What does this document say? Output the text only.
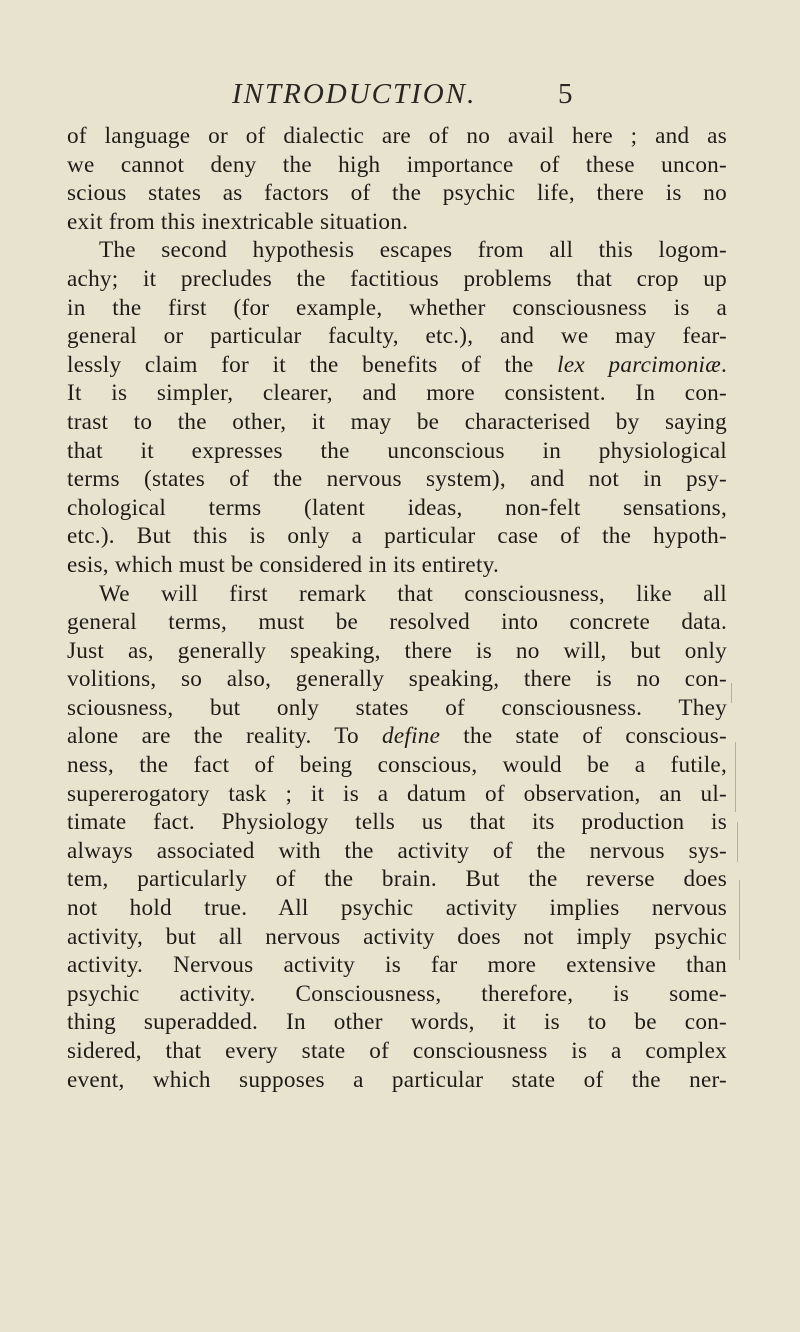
INTRODUCTION.	5
of language or of dialectic are of no avail here ; and as
we cannot deny the high importance of these uncon-
scious states as factors of the psychic life, there is no
exit from this inextricable situation.
The second hypothesis escapes from all this logom-
achy; it precludes the factitious problems that crop up
in the first (for example, whether consciousness is a
general or particular faculty, etc.), and we may fear-
lessly claim for it the benefits of the lex parcimoniæ.
It is simpler, clearer, and more consistent. In con-
trast to the other, it may be characterised by saying
that it expresses the unconscious in physiological
terms (states of the nervous system), and not in psy-
chological terms (latent ideas, non-felt sensations,
etc.). But this is only a particular case of the hypoth-
esis, which must be considered in its entirety.
We will first remark that consciousness, like all
general terms, must be resolved into concrete data.
Just as, generally speaking, there is no will, but only
volitions, so also, generally speaking, there is no con-
sciousness, but only states of consciousness. They
alone are the reality. To define the state of conscious-
ness, the fact of being conscious, would be a futile,
supererogatory task ; it is a datum of observation, an ul-
timate fact. Physiology tells us that its production is
always associated with the activity of the nervous sys-
tem, particularly of the brain. But the reverse does
not hold true. All psychic activity implies nervous
activity, but all nervous activity does not imply psychic
activity. Nervous activity is far more extensive than
psychic activity. Consciousness, therefore, is some-
thing superadded. In other words, it is to be con-
sidered, that every state of consciousness is a complex
event, which supposes a particular state of the ner-
